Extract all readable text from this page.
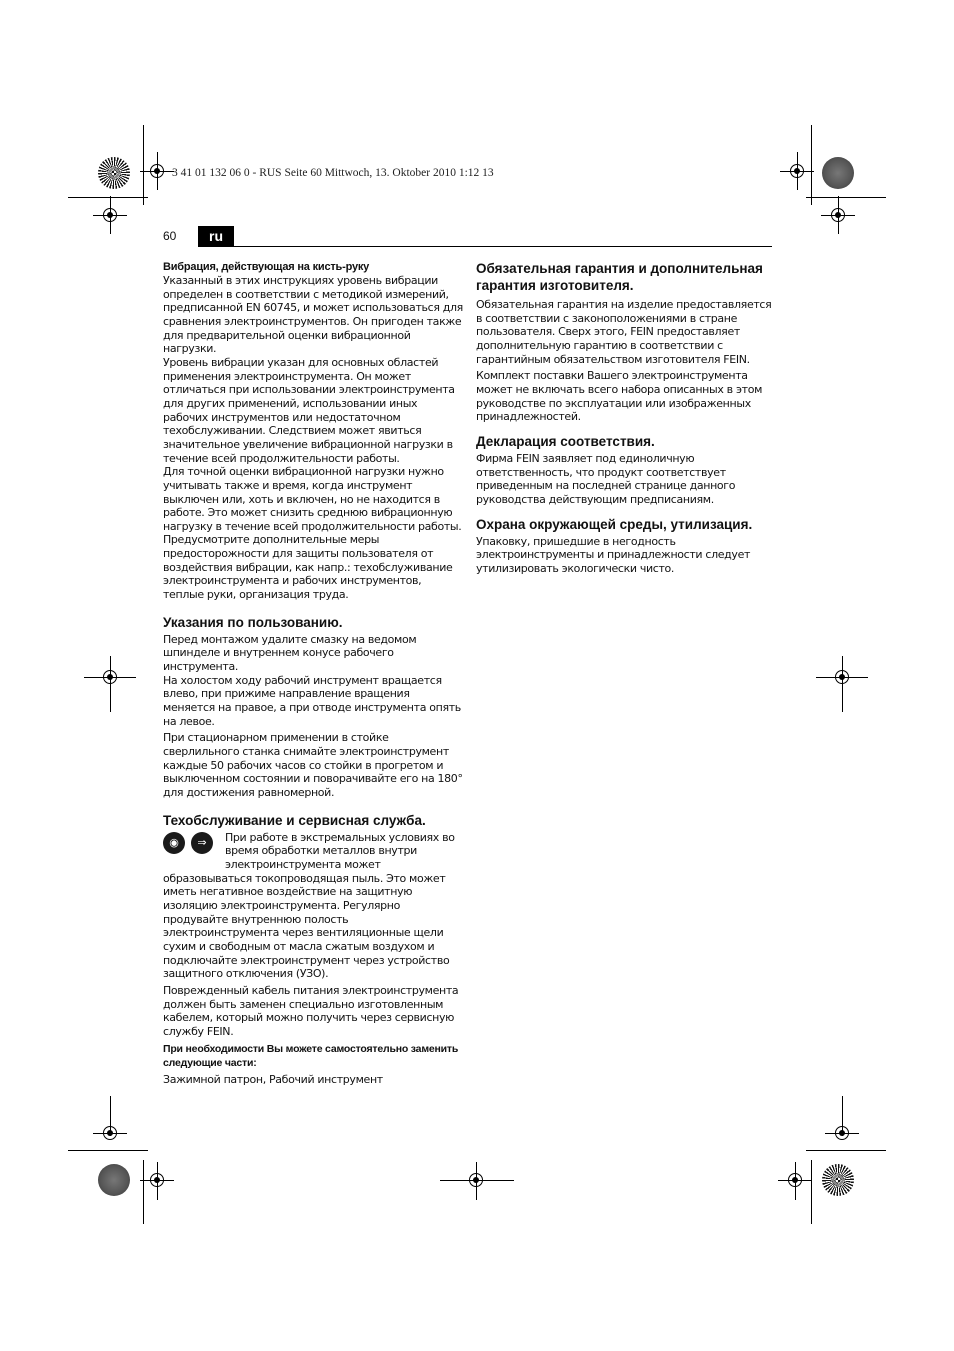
3 41 01 132 06 0 - RUS Seite 60 Mittwoch, 13. Oktober 2010 1:12 13
60	ru
Вибрация, действующая на кисть-руку

Указанный в этих инструкциях уровень вибрации определен в соответствии с методикой измерений, предписанной EN 60745, и может использоваться для сравнения электроинструментов. Он пригоден также для предварительной оценки вибрационной нагрузки.

Уровень вибрации указан для основных областей применения электроинструмента. Он может отличаться при использовании электроинструмента для других применений, использовании иных рабочих инструментов или недостаточном техобслуживании. Следствием может явиться значительное увеличение вибрационной нагрузки в течение всей продолжительности работы.

Для точной оценки вибрационной нагрузки нужно учитывать также и время, когда инструмент выключен или, хоть и включен, но не находится в работе. Это может снизить среднюю вибрационную нагрузку в течение всей продолжительности работы.

Предусмотрите дополнительные меры предосторожности для защиты пользователя от воздействия вибрации, как напр.: техобслуживание электроинструмента и рабочих инструментов, теплые руки, организация труда.

Указания по пользованию.

Перед монтажом удалите смазку на ведомом шпинделе и внутреннем конусе рабочего инструмента.

На холостом ходу рабочий инструмент вращается влево, при прижиме направление вращения меняется на правое, а при отводе инструмента опять на левое.

При стационарном применении в стойке сверлильного станка снимайте электроинструмент каждые 50 рабочих часов со стойки в прогретом и выключенном состоянии и поворачивайте его на 180° для достижения равномерной.

Техобслуживание и сервисная служба.
◉	⇒	При работе в экстремальных условиях во время обработки металлов внутри электроинструмента может образовываться токопроводящая пыль. Это может иметь негативное воздействие на защитную изоляцию электроинструмента. Регулярно продувайте внутреннюю полость электроинструмента через вентиляционные щели сухим и свободным от масла сжатым воздухом и подключайте электроинструмент через устройство защитного отключения (УЗО).

Поврежденный кабель питания электроинструмента должен быть заменен специально изготовленным кабелем, который можно получить через сервисную службу FEIN.

При необходимости Вы можете самостоятельно заменить следующие части:

Зажимной патрон, Рабочий инструмент

Обязательная гарантия и дополнительная гарантия изготовителя.

Обязательная гарантия на изделие предоставляется в соответствии с законоположениями в стране пользователя. Сверх этого, FEIN предоставляет дополнительную гарантию в соответствии с гарантийным обязательством изготовителя FEIN.

Комплект поставки Вашего электроинструмента может не включать всего набора описанных в этом руководстве по эксплуатации или изображенных принадлежностей.

Декларация соответствия.

Фирма FEIN заявляет под единоличную ответственность, что продукт соответствует приведенным на последней странице данного руководства действующим предписаниям.

Охрана окружающей среды, утилизация.

Упаковку, пришедшие в негодность электроинструменты и принадлежности следует утилизировать экологически чисто.
